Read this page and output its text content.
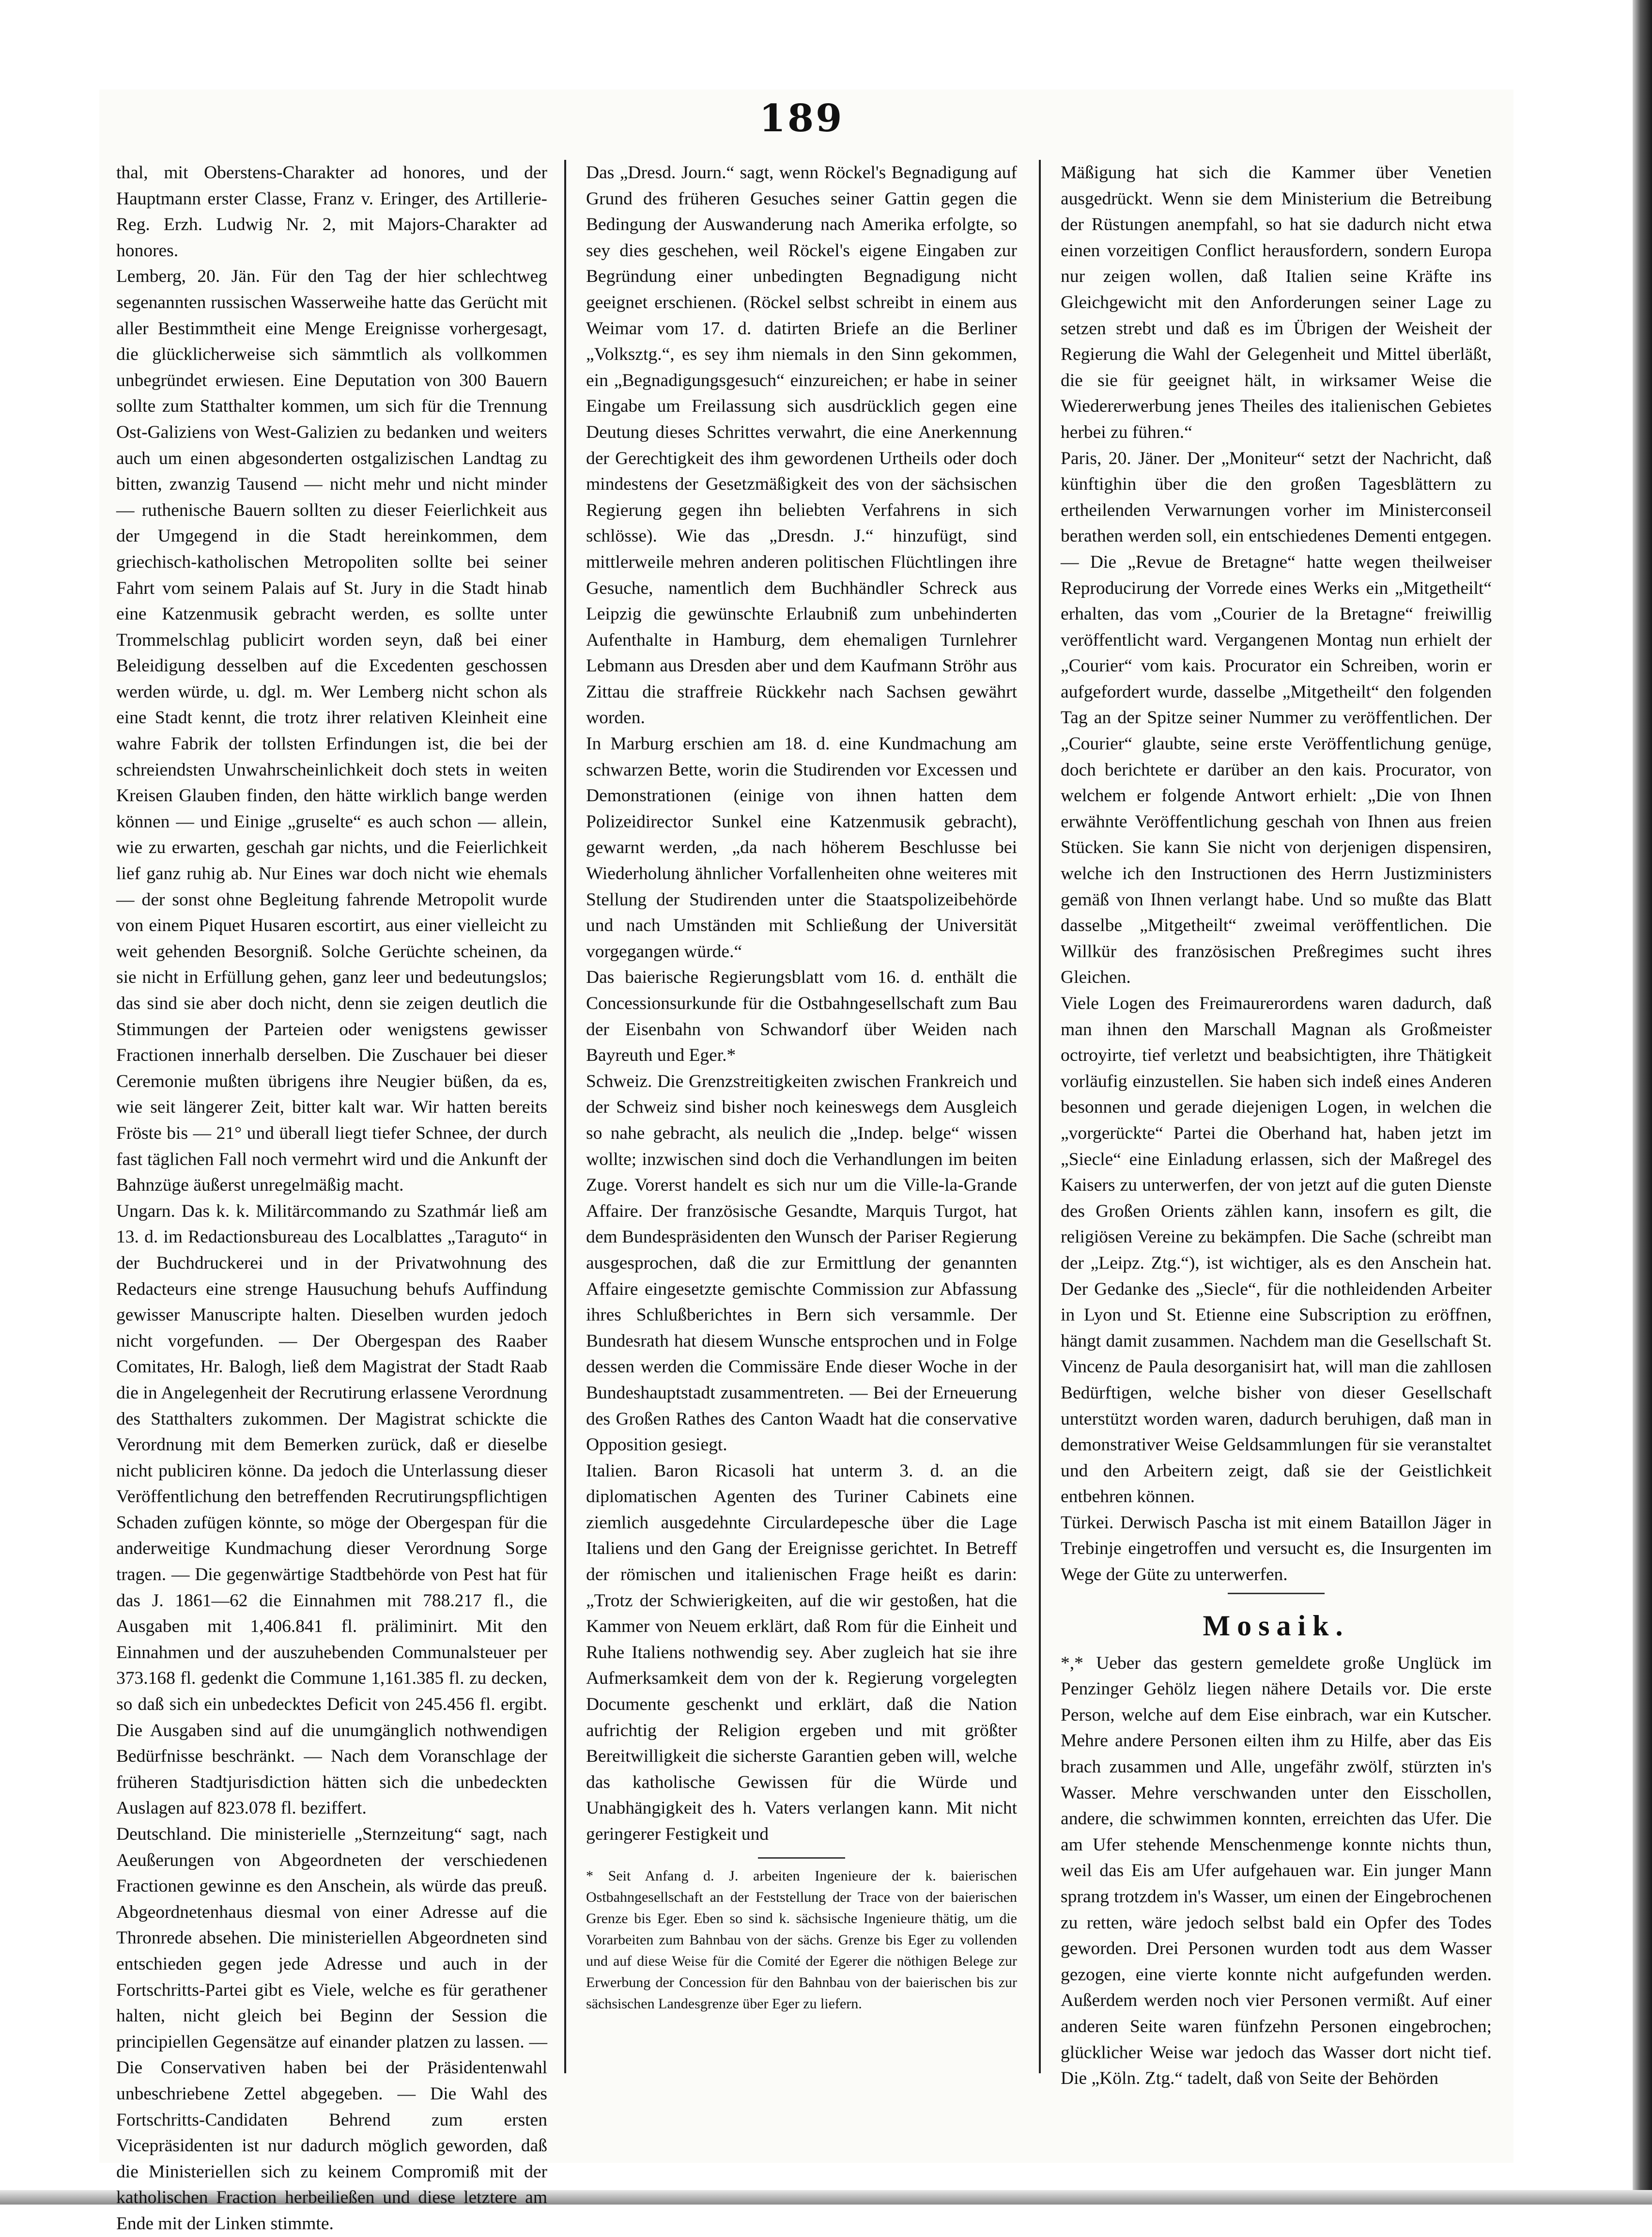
189

thal, mit Oberstens-Charakter ad honores, und der Hauptmann erster Classe, Franz v. Eringer, des Artillerie-Reg. Erzh. Ludwig Nr. 2, mit Majors-Charakter ad honores.

Lemberg, 20. Jän. Für den Tag der hier schlechtweg segenannten russischen Wasserweihe hatte das Gerücht mit aller Bestimmtheit eine Menge Ereignisse vorhergesagt, die glücklicherweise sich sämmtlich als vollkommen unbegründet erwiesen. Eine Deputation von 300 Bauern sollte zum Statthalter kommen, um sich für die Trennung Ost-Galiziens von West-Galizien zu bedanken und weiters auch um einen abgesonderten ostgalizischen Landtag zu bitten, zwanzig Tausend — nicht mehr und nicht minder — ruthenische Bauern sollten zu dieser Feierlichkeit aus der Umgegend in die Stadt hereinkommen, dem griechisch-katholischen Metropoliten sollte bei seiner Fahrt vom seinem Palais auf St. Jury in die Stadt hinab eine Katzenmusik gebracht werden, es sollte unter Trommelschlag publicirt worden seyn, daß bei einer Beleidigung desselben auf die Excedenten geschossen werden würde, u. dgl. m. Wer Lemberg nicht schon als eine Stadt kennt, die trotz ihrer relativen Kleinheit eine wahre Fabrik der tollsten Erfindungen ist, die bei der schreiendsten Unwahrscheinlichkeit doch stets in weiten Kreisen Glauben finden, den hätte wirklich bange werden können — und Einige „gruselte“ es auch schon — allein, wie zu erwarten, geschah gar nichts, und die Feierlichkeit lief ganz ruhig ab. Nur Eines war doch nicht wie ehemals — der sonst ohne Begleitung fahrende Metropolit wurde von einem Piquet Husaren escortirt, aus einer vielleicht zu weit gehenden Besorgniß. Solche Gerüchte scheinen, da sie nicht in Erfüllung gehen, ganz leer und bedeutungslos; das sind sie aber doch nicht, denn sie zeigen deutlich die Stimmungen der Parteien oder wenigstens gewisser Fractionen innerhalb derselben. Die Zuschauer bei dieser Ceremonie mußten übrigens ihre Neugier büßen, da es, wie seit längerer Zeit, bitter kalt war. Wir hatten bereits Fröste bis — 21° und überall liegt tiefer Schnee, der durch fast täglichen Fall noch vermehrt wird und die Ankunft der Bahnzüge äußerst unregelmäßig macht.

Ungarn. Das k. k. Militärcommando zu Szathmár ließ am 13. d. im Redactionsbureau des Localblattes „Taraguto“ in der Buchdruckerei und in der Privatwohnung des Redacteurs eine strenge Hausuchung behufs Auffindung gewisser Manuscripte halten. Dieselben wurden jedoch nicht vorgefunden. — Der Obergespan des Raaber Comitates, Hr. Balogh, ließ dem Magistrat der Stadt Raab die in Angelegenheit der Recrutirung erlassene Verordnung des Statthalters zukommen. Der Magistrat schickte die Verordnung mit dem Bemerken zurück, daß er dieselbe nicht publiciren könne. Da jedoch die Unterlassung dieser Veröffentlichung den betreffenden Recrutirungspflichtigen Schaden zufügen könnte, so möge der Obergespan für die anderweitige Kundmachung dieser Verordnung Sorge tragen. — Die gegenwärtige Stadtbehörde von Pest hat für das J. 1861—62 die Einnahmen mit 788.217 fl., die Ausgaben mit 1,406.841 fl. präliminirt. Mit den Einnahmen und der auszuhebenden Communalsteuer per 373.168 fl. gedenkt die Commune 1,161.385 fl. zu decken, so daß sich ein unbedecktes Deficit von 245.456 fl. ergibt. Die Ausgaben sind auf die unumgänglich nothwendigen Bedürfnisse beschränkt. — Nach dem Voranschlage der früheren Stadtjurisdiction hätten sich die unbedeckten Auslagen auf 823.078 fl. beziffert.

Deutschland. Die ministerielle „Sternzeitung“ sagt, nach Aeußerungen von Abgeordneten der verschiedenen Fractionen gewinne es den Anschein, als würde das preuß. Abgeordnetenhaus diesmal von einer Adresse auf die Thronrede absehen. Die ministeriellen Abgeordneten sind entschieden gegen jede Adresse und auch in der Fortschritts-Partei gibt es Viele, welche es für gerathener halten, nicht gleich bei Beginn der Session die principiellen Gegensätze auf einander platzen zu lassen. — Die Conservativen haben bei der Präsidentenwahl unbeschriebene Zettel abgegeben. — Die Wahl des Fortschritts-Candidaten Behrend zum ersten Vicepräsidenten ist nur dadurch möglich geworden, daß die Ministeriellen sich zu keinem Compromiß mit der katholischen Fraction herbeiließen und diese letztere am Ende mit der Linken stimmte.

Das „Dresd. Journ.“ sagt, wenn Röckel's Begnadigung auf Grund des früheren Gesuches seiner Gattin gegen die Bedingung der Auswanderung nach Amerika erfolgte, so sey dies geschehen, weil Röckel's eigene Eingaben zur Begründung einer unbedingten Begnadigung nicht geeignet erschienen. (Röckel selbst schreibt in einem aus Weimar vom 17. d. datirten Briefe an die Berliner „Volksztg.“, es sey ihm niemals in den Sinn gekommen, ein „Begnadigungsgesuch“ einzureichen; er habe in seiner Eingabe um Freilassung sich ausdrücklich gegen eine Deutung dieses Schrittes verwahrt, die eine Anerkennung der Gerechtigkeit des ihm gewordenen Urtheils oder doch mindestens der Gesetzmäßigkeit des von der sächsischen Regierung gegen ihn beliebten Verfahrens in sich schlösse). Wie das „Dresdn. J.“ hinzufügt, sind mittlerweile mehren anderen politischen Flüchtlingen ihre Gesuche, namentlich dem Buchhändler Schreck aus Leipzig die gewünschte Erlaubniß zum unbehinderten Aufenthalte in Hamburg, dem ehemaligen Turnlehrer Lebmann aus Dresden aber und dem Kaufmann Ströhr aus Zittau die straffreie Rückkehr nach Sachsen gewährt worden.

In Marburg erschien am 18. d. eine Kundmachung am schwarzen Bette, worin die Studirenden vor Excessen und Demonstrationen (einige von ihnen hatten dem Polizeidirector Sunkel eine Katzenmusik gebracht), gewarnt werden, „da nach höherem Beschlusse bei Wiederholung ähnlicher Vorfallenheiten ohne weiteres mit Stellung der Studirenden unter die Staatspolizeibehörde und nach Umständen mit Schließung der Universität vorgegangen würde.“

Das baierische Regierungsblatt vom 16. d. enthält die Concessionsurkunde für die Ostbahngesellschaft zum Bau der Eisenbahn von Schwandorf über Weiden nach Bayreuth und Eger.*

Schweiz. Die Grenzstreitigkeiten zwischen Frankreich und der Schweiz sind bisher noch keineswegs dem Ausgleich so nahe gebracht, als neulich die „Indep. belge“ wissen wollte; inzwischen sind doch die Verhandlungen im beiten Zuge. Vorerst handelt es sich nur um die Ville-la-Grande Affaire. Der französische Gesandte, Marquis Turgot, hat dem Bundespräsidenten den Wunsch der Pariser Regierung ausgesprochen, daß die zur Ermittlung der genannten Affaire eingesetzte gemischte Commission zur Abfassung ihres Schlußberichtes in Bern sich versammle. Der Bundesrath hat diesem Wunsche entsprochen und in Folge dessen werden die Commissäre Ende dieser Woche in der Bundeshauptstadt zusammentreten. — Bei der Erneuerung des Großen Rathes des Canton Waadt hat die conservative Opposition gesiegt.

Italien. Baron Ricasoli hat unterm 3. d. an die diplomatischen Agenten des Turiner Cabinets eine ziemlich ausgedehnte Circulardepesche über die Lage Italiens und den Gang der Ereignisse gerichtet. In Betreff der römischen und italienischen Frage heißt es darin: „Trotz der Schwierigkeiten, auf die wir gestoßen, hat die Kammer von Neuem erklärt, daß Rom für die Einheit und Ruhe Italiens nothwendig sey. Aber zugleich hat sie ihre Aufmerksamkeit dem von der k. Regierung vorgelegten Documente geschenkt und erklärt, daß die Nation aufrichtig der Religion ergeben und mit größter Bereitwilligkeit die sicherste Garantien geben will, welche das katholische Gewissen für die Würde und Unabhängigkeit des h. Vaters verlangen kann. Mit nicht geringerer Festigkeit und

* Seit Anfang d. J. arbeiten Ingenieure der k. baierischen Ostbahngesellschaft an der Feststellung der Trace von der baierischen Grenze bis Eger. Eben so sind k. sächsische Ingenieure thätig, um die Vorarbeiten zum Bahnbau von der sächs. Grenze bis Eger zu vollenden und auf diese Weise für die Comité der Egerer die nöthigen Belege zur Erwerbung der Concession für den Bahnbau von der baierischen bis zur sächsischen Landesgrenze über Eger zu liefern.

Mäßigung hat sich die Kammer über Venetien ausgedrückt. Wenn sie dem Ministerium die Betreibung der Rüstungen anempfahl, so hat sie dadurch nicht etwa einen vorzeitigen Conflict herausfordern, sondern Europa nur zeigen wollen, daß Italien seine Kräfte ins Gleichgewicht mit den Anforderungen seiner Lage zu setzen strebt und daß es im Übrigen der Weisheit der Regierung die Wahl der Gelegenheit und Mittel überläßt, die sie für geeignet hält, in wirksamer Weise die Wiedererwerbung jenes Theiles des italienischen Gebietes herbei zu führen.“

Paris, 20. Jäner. Der „Moniteur“ setzt der Nachricht, daß künftighin über die den großen Tagesblättern zu ertheilenden Verwarnungen vorher im Ministerconseil berathen werden soll, ein entschiedenes Dementi entgegen. — Die „Revue de Bretagne“ hatte wegen theilweiser Reproducirung der Vorrede eines Werks ein „Mitgetheilt“ erhalten, das vom „Courier de la Bretagne“ freiwillig veröffentlicht ward. Vergangenen Montag nun erhielt der „Courier“ vom kais. Procurator ein Schreiben, worin er aufgefordert wurde, dasselbe „Mitgetheilt“ den folgenden Tag an der Spitze seiner Nummer zu veröffentlichen. Der „Courier“ glaubte, seine erste Veröffentlichung genüge, doch berichtete er darüber an den kais. Procurator, von welchem er folgende Antwort erhielt: „Die von Ihnen erwähnte Veröffentlichung geschah von Ihnen aus freien Stücken. Sie kann Sie nicht von derjenigen dispensiren, welche ich den Instructionen des Herrn Justizministers gemäß von Ihnen verlangt habe. Und so mußte das Blatt dasselbe „Mitgetheilt“ zweimal veröffentlichen. Die Willkür des französischen Preßregimes sucht ihres Gleichen.

Viele Logen des Freimaurerordens waren dadurch, daß man ihnen den Marschall Magnan als Großmeister octroyirte, tief verletzt und beabsichtigten, ihre Thätigkeit vorläufig einzustellen. Sie haben sich indeß eines Anderen besonnen und gerade diejenigen Logen, in welchen die „vorgerückte“ Partei die Oberhand hat, haben jetzt im „Siecle“ eine Einladung erlassen, sich der Maßregel des Kaisers zu unterwerfen, der von jetzt auf die guten Dienste des Großen Orients zählen kann, insofern es gilt, die religiösen Vereine zu bekämpfen. Die Sache (schreibt man der „Leipz. Ztg.“), ist wichtiger, als es den Anschein hat. Der Gedanke des „Siecle“, für die nothleidenden Arbeiter in Lyon und St. Etienne eine Subscription zu eröffnen, hängt damit zusammen. Nachdem man die Gesellschaft St. Vincenz de Paula desorganisirt hat, will man die zahllosen Bedürftigen, welche bisher von dieser Gesellschaft unterstützt worden waren, dadurch beruhigen, daß man in demonstrativer Weise Geldsammlungen für sie veranstaltet und den Arbeitern zeigt, daß sie der Geistlichkeit entbehren können.

Türkei. Derwisch Pascha ist mit einem Bataillon Jäger in Trebinje eingetroffen und versucht es, die Insurgenten im Wege der Güte zu unterwerfen.

Mosaik.

*,* Ueber das gestern gemeldete große Unglück im Penzinger Gehölz liegen nähere Details vor. Die erste Person, welche auf dem Eise einbrach, war ein Kutscher. Mehre andere Personen eilten ihm zu Hilfe, aber das Eis brach zusammen und Alle, ungefähr zwölf, stürzten in's Wasser. Mehre verschwanden unter den Eisschollen, andere, die schwimmen konnten, erreichten das Ufer. Die am Ufer stehende Menschenmenge konnte nichts thun, weil das Eis am Ufer aufgehauen war. Ein junger Mann sprang trotzdem in's Wasser, um einen der Eingebrochenen zu retten, wäre jedoch selbst bald ein Opfer des Todes geworden. Drei Personen wurden todt aus dem Wasser gezogen, eine vierte konnte nicht aufgefunden werden. Außerdem werden noch vier Personen vermißt. Auf einer anderen Seite waren fünfzehn Personen eingebrochen; glücklicher Weise war jedoch das Wasser dort nicht tief. Die „Köln. Ztg.“ tadelt, daß von Seite der Behörden
